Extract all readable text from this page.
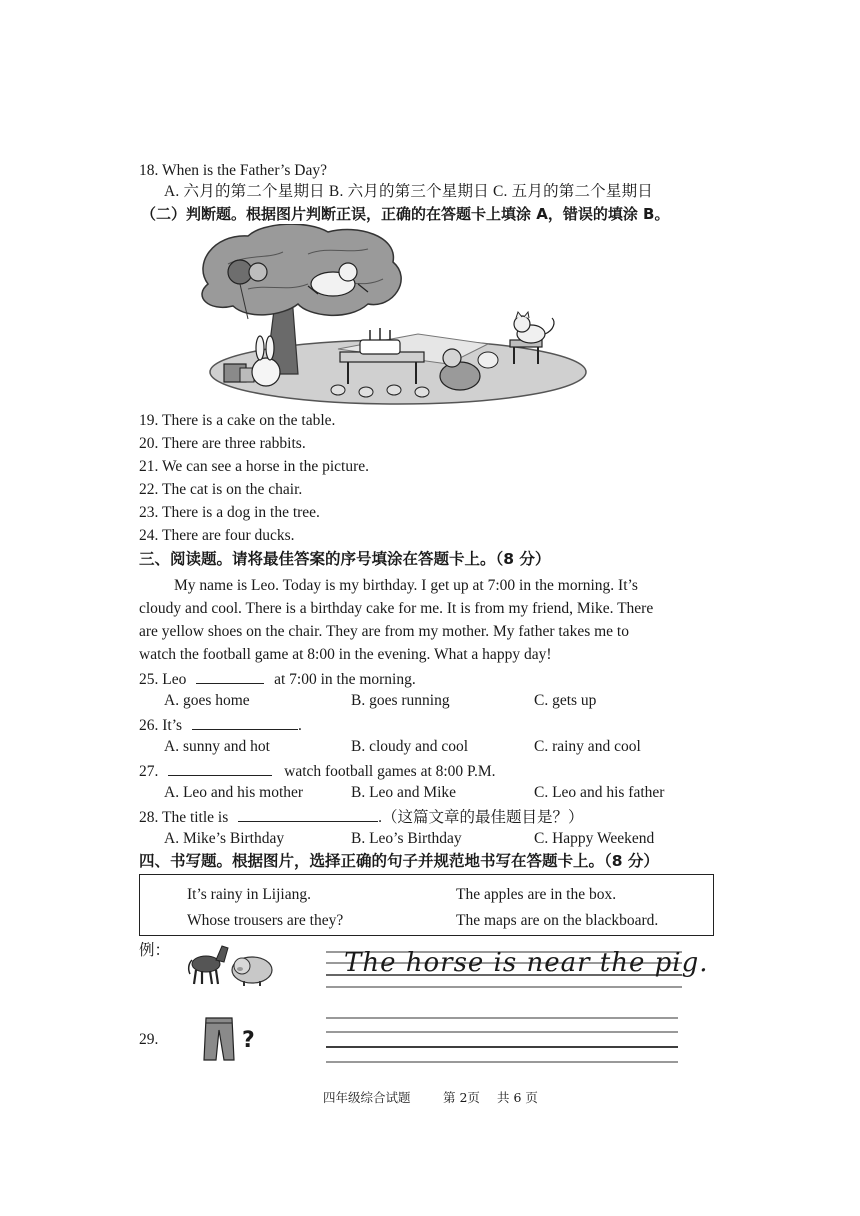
18. When is the Father’s Day?
A. 六月的第二个星期日 B. 六月的第三个星期日 C. 五月的第二个星期日
（二）判断题。根据图片判断正误，正确的在答题卡上填涂 A，错误的填涂 B。
19. There is a cake on the table.
20. There are three rabbits.
21. We can see a horse in the picture.
22. The cat is on the chair.
23. There is a dog in the tree.
24. There are four ducks.
三、阅读题。请将最佳答案的序号填涂在答题卡上。（8 分）
My name is Leo. Today is my birthday. I get up at 7:00 in the morning. It’s
cloudy and cool. There is a birthday cake for me. It is from my friend, Mike. There
are yellow shoes on the chair. They are from my mother. My father takes me to
watch the football game at 8:00 in the evening. What a happy day!
25. Leo	at 7:00 in the morning.
A. goes home	B. goes running	C. gets up
26. It’s	.
A. sunny and hot	B. cloudy and cool	C. rainy and cool
27.	watch football games at 8:00 P.M.
A. Leo and his mother	B. Leo and Mike	C. Leo and his father
28. The title is	.（这篇文章的最佳题目是？）
A. Mike’s Birthday	B. Leo’s Birthday	C. Happy Weekend
四、书写题。根据图片，选择正确的句子并规范地书写在答题卡上。（8 分）
It’s rainy in Lijiang.	The apples are in the box.
Whose trousers are they?	The maps are on the blackboard.
例：	The horse is near the pig.
29.	?
四年级综合试题	第 2页 共 6 页
